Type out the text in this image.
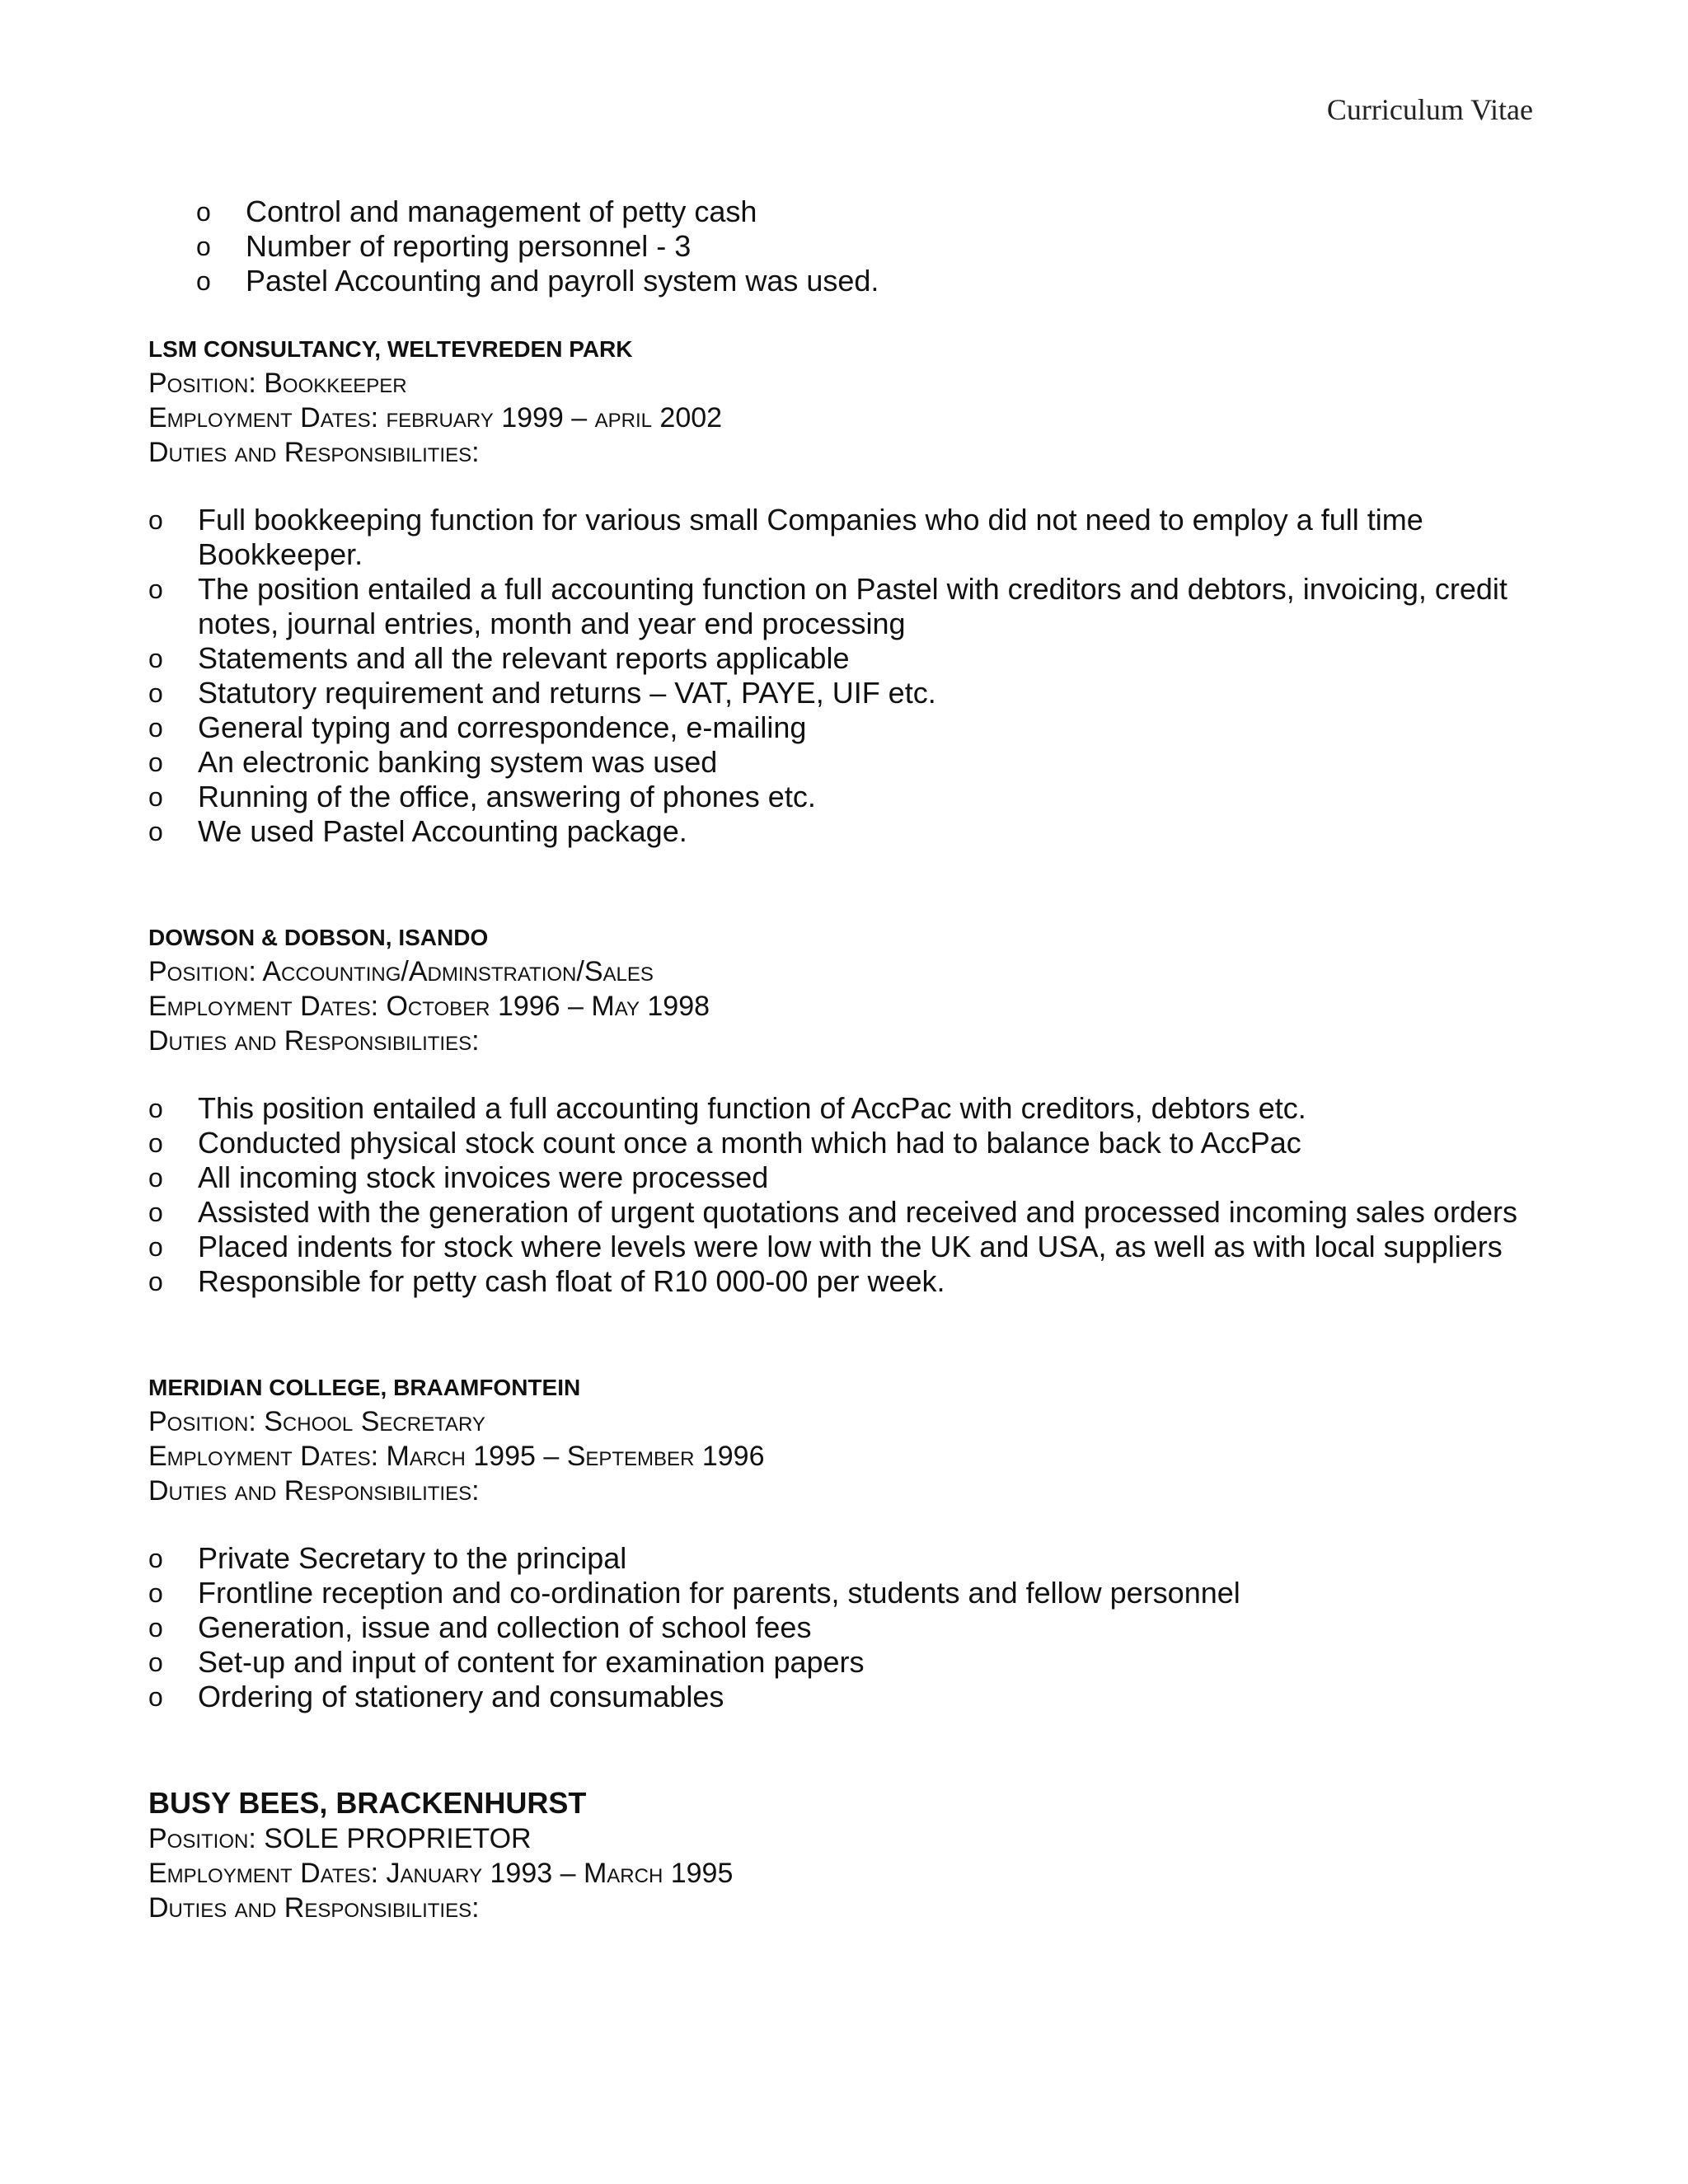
Curriculum Vitae
o Control and management of petty cash
o Number of reporting personnel - 3
o Pastel Accounting and payroll system was used.
LSM CONSULTANCY, WELTEVREDEN PARK
Position: Bookkeeper
Employment Dates: february 1999 – april 2002
Duties and Responsibilities:
o Full bookkeeping function for various small Companies who did not need to employ a full time Bookkeeper.
o The position entailed a full accounting function on Pastel with creditors and debtors, invoicing, credit notes, journal entries, month and year end processing
o Statements and all the relevant reports applicable
o Statutory requirement and returns – VAT, PAYE, UIF etc.
o General typing and correspondence, e-mailing
o An electronic banking system was used
o Running of the office, answering of phones etc.
o We used Pastel Accounting package.
DOWSON & DOBSON, ISANDO
Position: Accounting/Adminstration/Sales
Employment Dates: October 1996 – May 1998
Duties and Responsibilities:
o This position entailed a full accounting function of AccPac with creditors, debtors etc.
o Conducted physical stock count once a month which had to balance back to AccPac
o All incoming stock invoices were processed
o Assisted with the generation of urgent quotations and received and processed incoming sales orders
o Placed indents for stock where levels were low with the UK and USA, as well as with local suppliers
o Responsible for petty cash float of R10 000-00 per week.
MERIDIAN COLLEGE, BRAAMFONTEIN
Position: School Secretary
Employment Dates: March 1995 – September 1996
Duties and Responsibilities:
o Private Secretary to the principal
o Frontline reception and co-ordination for parents, students and fellow personnel
o Generation, issue and collection of school fees
o Set-up and input of content for examination papers
o Ordering of stationery and consumables
BUSY BEES, BRACKENHURST
Position: SOLE PROPRIETOR
Employment Dates: January 1993 – March 1995
Duties and Responsibilities:
